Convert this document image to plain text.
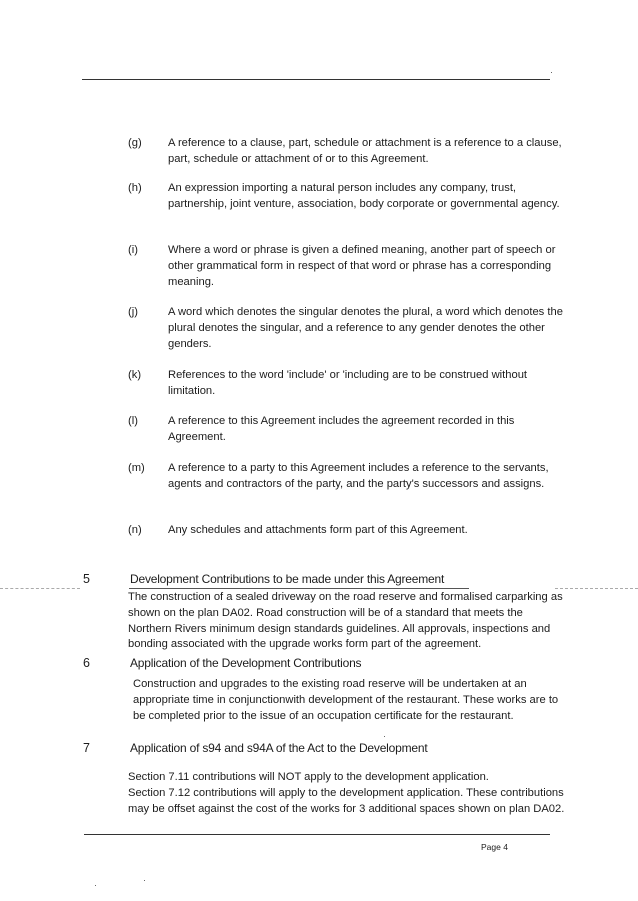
(g)	A reference to a clause, part, schedule or attachment is a reference to a clause, part, schedule or attachment of or to this Agreement.
(h)	An expression importing a natural person includes any company, trust, partnership, joint venture, association, body corporate or governmental agency.
(i)	Where a word or phrase is given a defined meaning, another part of speech or other grammatical form in respect of that word or phrase has a corresponding meaning.
(j)	A word which denotes the singular denotes the plural, a word which denotes the plural denotes the singular, and a reference to any gender denotes the other genders.
(k)	References to the word 'include' or 'including are to be construed without limitation.
(l)	A reference to this Agreement includes the agreement recorded in this Agreement.
(m)	A reference to a party to this Agreement includes a reference to the servants, agents and contractors of the party, and the party's successors and assigns.
(n)	Any schedules and attachments form part of this Agreement.
5	Development Contributions to be made under this Agreement
The construction of a sealed driveway on the road reserve and formalised carparking as shown on the plan DA02. Road construction will be of a standard that meets the Northern Rivers minimum design standards guidelines. All approvals, inspections and bonding associated with the upgrade works form part of the agreement.
6	Application of the Development Contributions
Construction and upgrades to the existing road reserve will be undertaken at an appropriate time in conjunctionwith development of the restaurant. These works are to be completed prior to the issue of an occupation certificate for the restaurant.
7	Application of s94 and s94A of the Act to the Development
Section 7.11 contributions will NOT apply to the development application.
Section 7.12 contributions will apply to the development application. These contributions may be offset against the cost of the works for 3 additional spaces shown on plan DA02.
Page 4
